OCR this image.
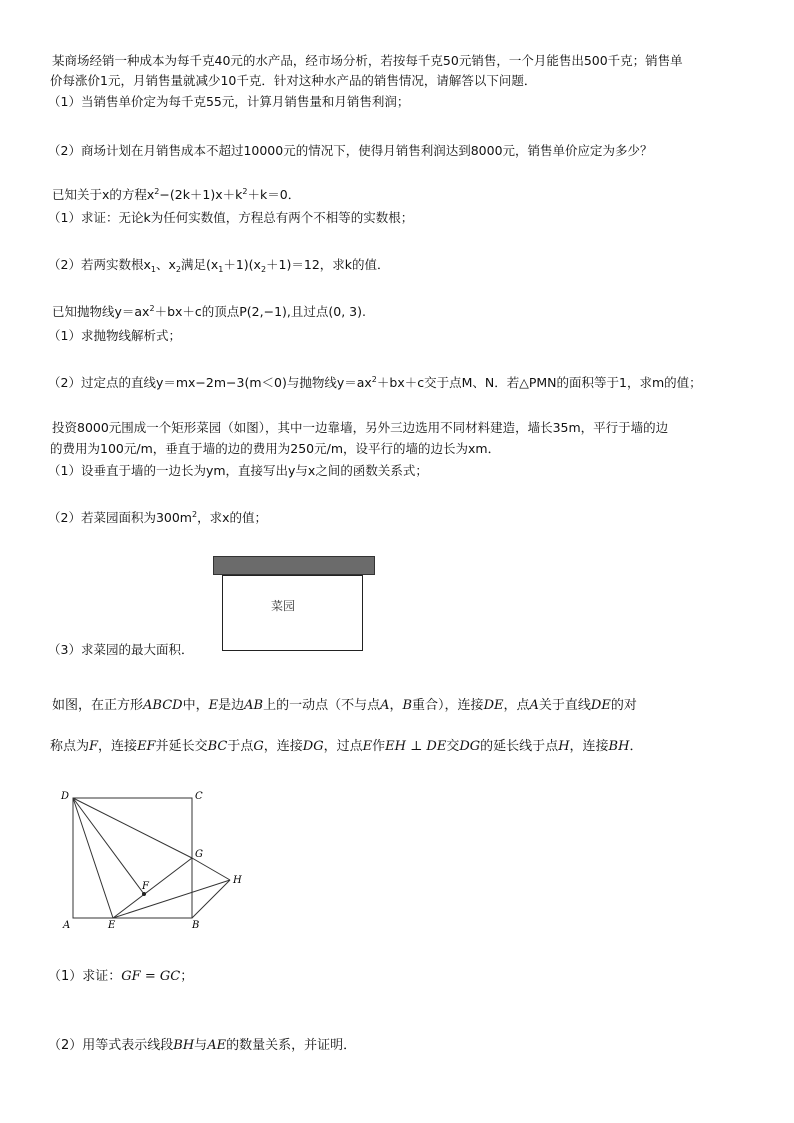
某商场经销一种成本为每千克40元的水产品，经市场分析，若按每千克50元销售，一个月能售出500千克；销售单
价每涨价1元，月销售量就减少10千克．针对这种水产品的销售情况，请解答以下问题．
（1）当销售单价定为每千克55元，计算月销售量和月销售利润；
（2）商场计划在月销售成本不超过10000元的情况下，使得月销售利润达到8000元，销售单价应定为多少？
已知关于x的方程$x^2-(2k+1)x+k^2+k=0$．
（1）求证：无论k为任何实数值，方程总有两个不相等的实数根；
（2）若两实数根$x_1$、$x_2$满足$(x_1+1)(x_2+1)=12$，求k的值．
已知抛物线$y=ax^2+bx+c$的顶点P(2,−1),且过点(0, 3).
（1）求抛物线解析式；
（2）过定点的直线y＝mx−2m−3(m＜0)与抛物线$y=ax^2+bx+c$交于点M、N．若△PMN的面积等于1，求m的值；
投资8000元围成一个矩形菜园（如图），其中一边靠墙，另外三边选用不同材料建造，墙长35m，平行于墙的边
的费用为100元/m，垂直于墙的边的费用为250元/m，设平行的墙的边长为xm．
（1）设垂直于墙的一边长为ym，直接写出y与x之间的函数关系式；
（2）若菜园面积为$300m^2$，求x的值；
菜园
（3）求菜园的最大面积．
如图，在正方形ABCD中，E是边AB上的一动点（不与点A，B重合），连接DE，点A关于直线DE的对
称点为F，连接EF并延长交BC于点G，连接DG，过点E作EH ⊥ DE交DG的延长线于点H，连接BH．
D	C
G
H
F
A	E	B
（1）求证：GF = GC；
（2）用等式表示线段BH与AE的数量关系，并证明．
